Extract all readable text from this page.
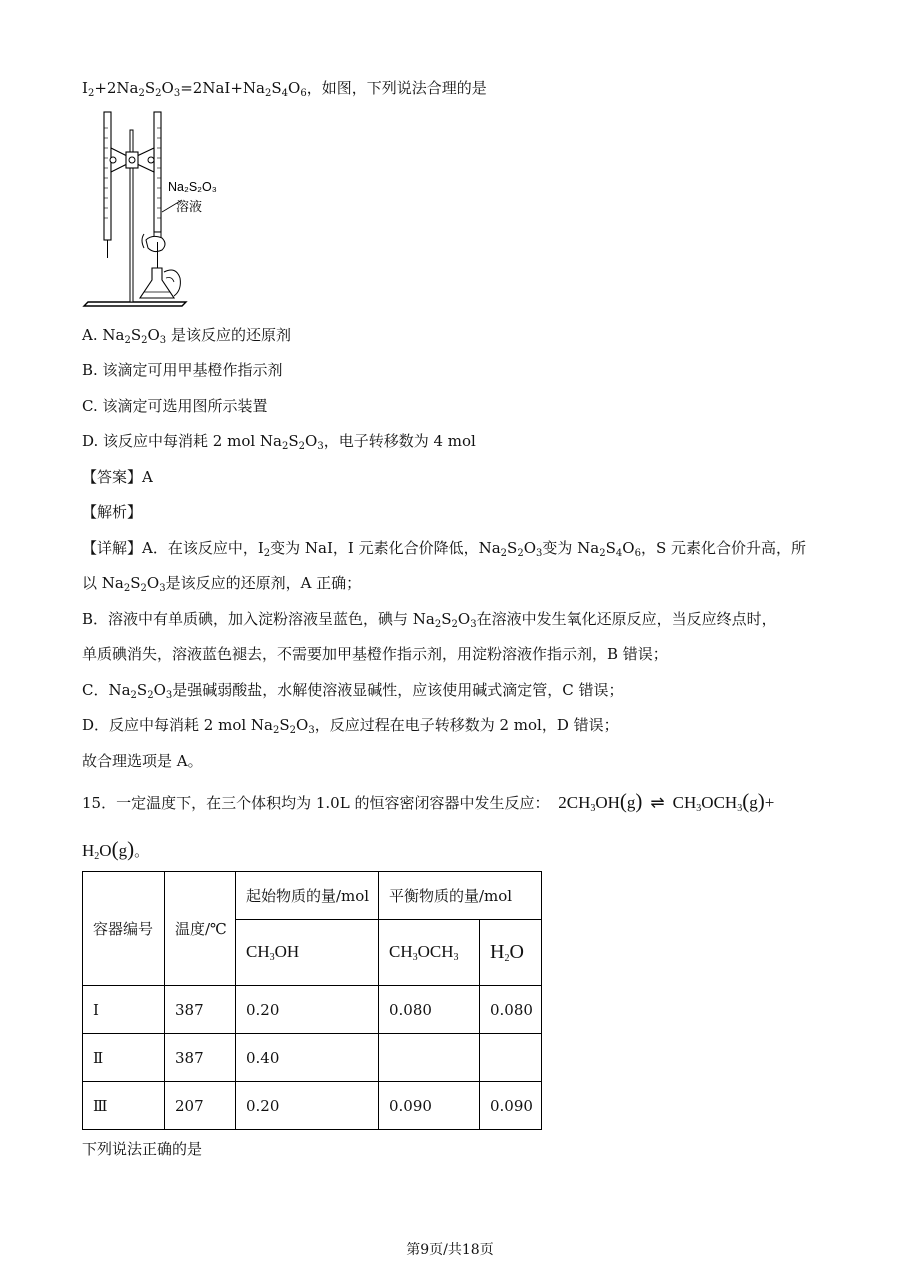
$I_2+2Na_2S_2O_3=2NaI+Na_2S_4O_6$，如图，下列说法合理的是
Na₂S₂O₃
溶液
A. $Na_2S_2O_3$ 是该反应的还原剂
B. 该滴定可用甲基橙作指示剂
C. 该滴定可选用图所示装置
D. 该反应中每消耗 2 mol $Na_2S_2O_3$，电子转移数为 4 mol
【答案】A
【解析】
【详解】A．在该反应中，$I_2$变为 NaI，I 元素化合价降低，$Na_2S_2O_3$变为 $Na_2S_4O_6$，S 元素化合价升高，所
以 $Na_2S_2O_3$是该反应的还原剂，A 正确；
B．溶液中有单质碘，加入淀粉溶液呈蓝色，碘与 $Na_2S_2O_3$在溶液中发生氧化还原反应，当反应终点时，
单质碘消失，溶液蓝色褪去，不需要加甲基橙作指示剂，用淀粉溶液作指示剂，B 错误；
C．$Na_2S_2O_3$是强碱弱酸盐，水解使溶液显碱性，应该使用碱式滴定管，C 错误；
D．反应中每消耗 2 mol $Na_2S_2O_3$，反应过程在电子转移数为 2 mol，D 错误；
故合理选项是 A。
15．一定温度下，在三个体积均为 1.0L 的恒容密闭容器中发生反应： $2CH_3OH(g)$ ⇌ $CH_3OCH_3(g)+$
$H_2O(g)$。
容器编号	温度/℃	起始物质的量/mol	平衡物质的量/mol	
		$CH_3OH$	$CH_3OCH_3$	$H_2O$
Ⅰ	387	0.20	0.080	0.080
Ⅱ	387	0.40		
Ⅲ	207	0.20	0.090	0.090
下列说法正确的是
第9页/共18页
